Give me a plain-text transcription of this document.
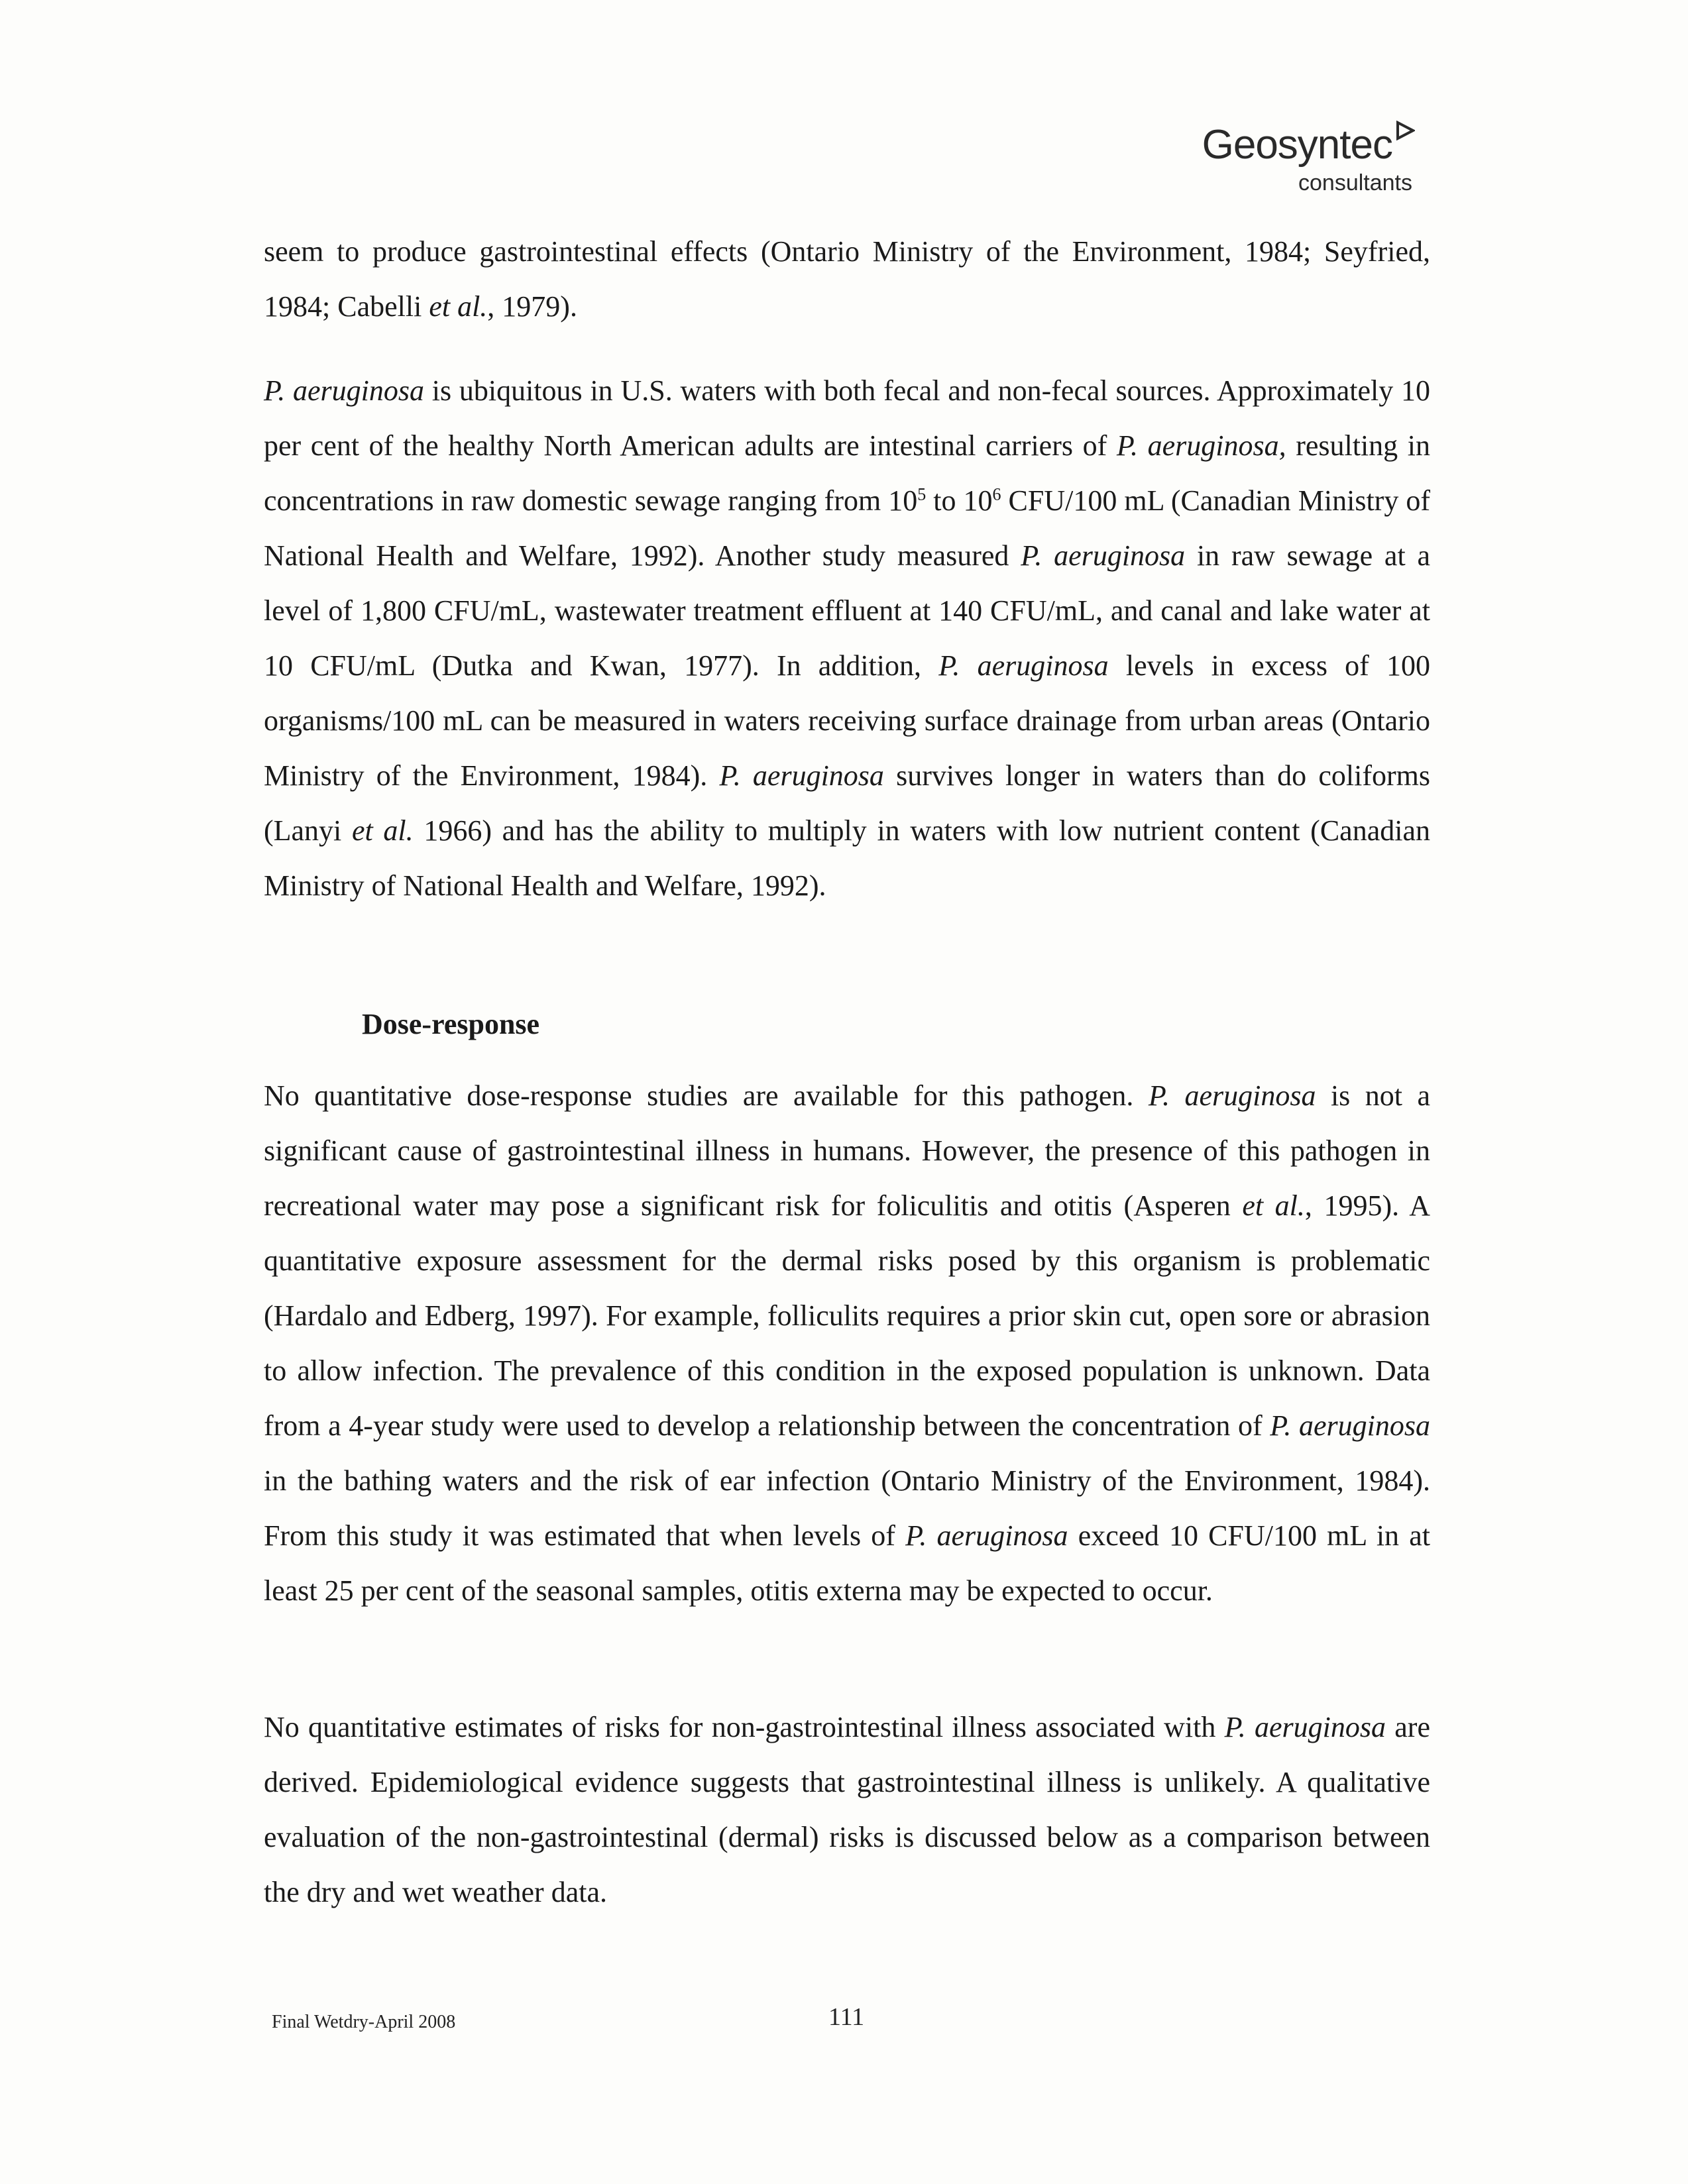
Geosyntec
consultants

seem to produce gastrointestinal effects (Ontario Ministry of the Environment, 1984; Seyfried, 1984; Cabelli et al., 1979).

P. aeruginosa is ubiquitous in U.S. waters with both fecal and non-fecal sources. Approximately 10 per cent of the healthy North American adults are intestinal carriers of P. aeruginosa, resulting in concentrations in raw domestic sewage ranging from $10^5$ to $10^6$ CFU/100 mL (Canadian Ministry of National Health and Welfare, 1992). Another study measured P. aeruginosa in raw sewage at a level of 1,800 CFU/mL, wastewater treatment effluent at 140 CFU/mL, and canal and lake water at 10 CFU/mL (Dutka and Kwan, 1977). In addition, P. aeruginosa levels in excess of 100 organisms/100 mL can be measured in waters receiving surface drainage from urban areas (Ontario Ministry of the Environment, 1984). P. aeruginosa survives longer in waters than do coliforms (Lanyi et al. 1966) and has the ability to multiply in waters with low nutrient content (Canadian Ministry of National Health and Welfare, 1992).

Dose-response

No quantitative dose-response studies are available for this pathogen. P. aeruginosa is not a significant cause of gastrointestinal illness in humans. However, the presence of this pathogen in recreational water may pose a significant risk for foliculitis and otitis (Asperen et al., 1995). A quantitative exposure assessment for the dermal risks posed by this organism is problematic (Hardalo and Edberg, 1997). For example, folliculits requires a prior skin cut, open sore or abrasion to allow infection. The prevalence of this condition in the exposed population is unknown. Data from a 4-year study were used to develop a relationship between the concentration of P. aeruginosa in the bathing waters and the risk of ear infection (Ontario Ministry of the Environment, 1984). From this study it was estimated that when levels of P. aeruginosa exceed 10 CFU/100 mL in at least 25 per cent of the seasonal samples, otitis externa may be expected to occur.

No quantitative estimates of risks for non-gastrointestinal illness associated with P. aeruginosa are derived. Epidemiological evidence suggests that gastrointestinal illness is unlikely. A qualitative evaluation of the non-gastrointestinal (dermal) risks is discussed below as a comparison between the dry and wet weather data.

Final Wetdry-April 2008	111
